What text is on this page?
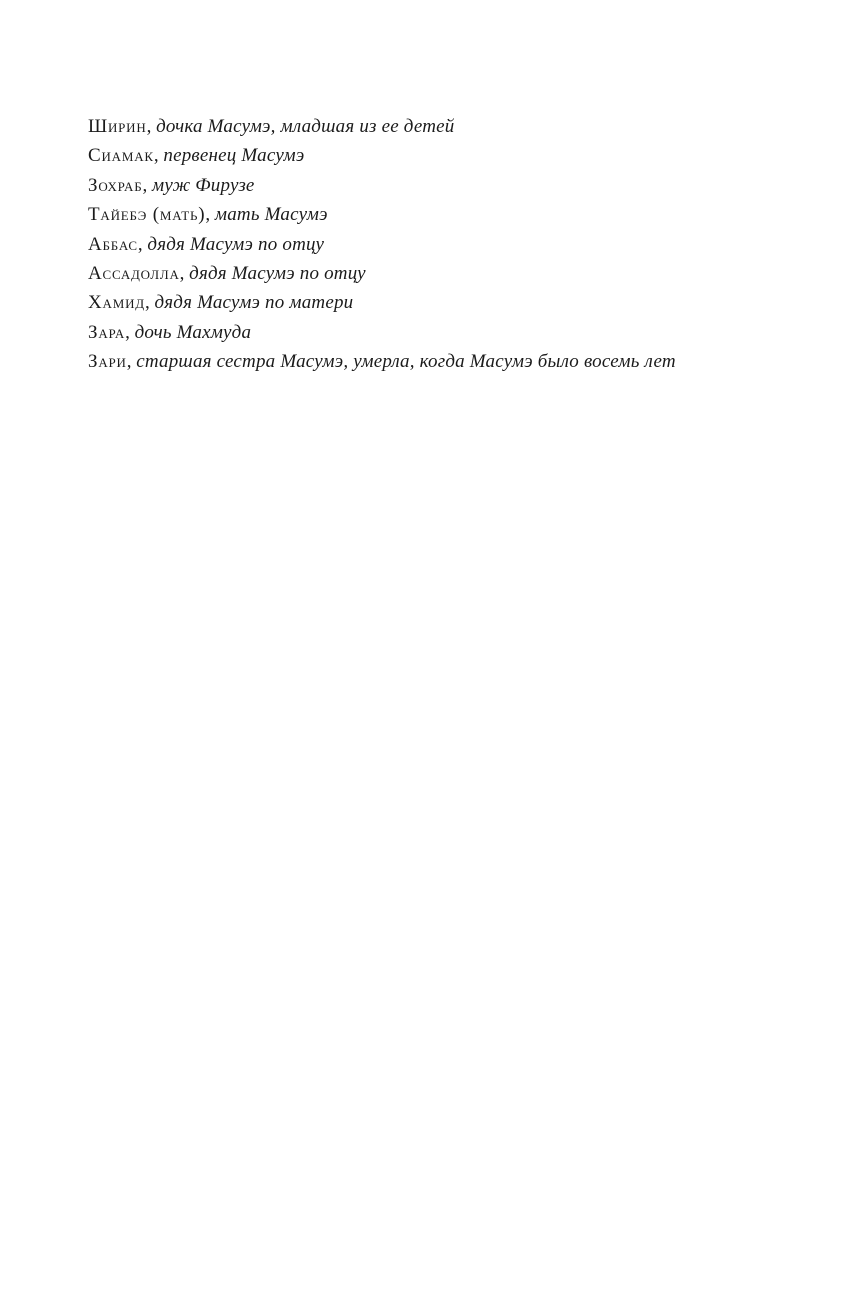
Ширин, дочка Масумэ, младшая из ее детей
Сиамак, первенец Масумэ
Зохраб, муж Фирузе
Тайебэ (мать), мать Масумэ
Аббас, дядя Масумэ по отцу
Ассадолла, дядя Масумэ по отцу
Хамид, дядя Масумэ по матери
Зара, дочь Махмуда
Зари, старшая сестра Масумэ, умерла, когда Масумэ было восемь лет
